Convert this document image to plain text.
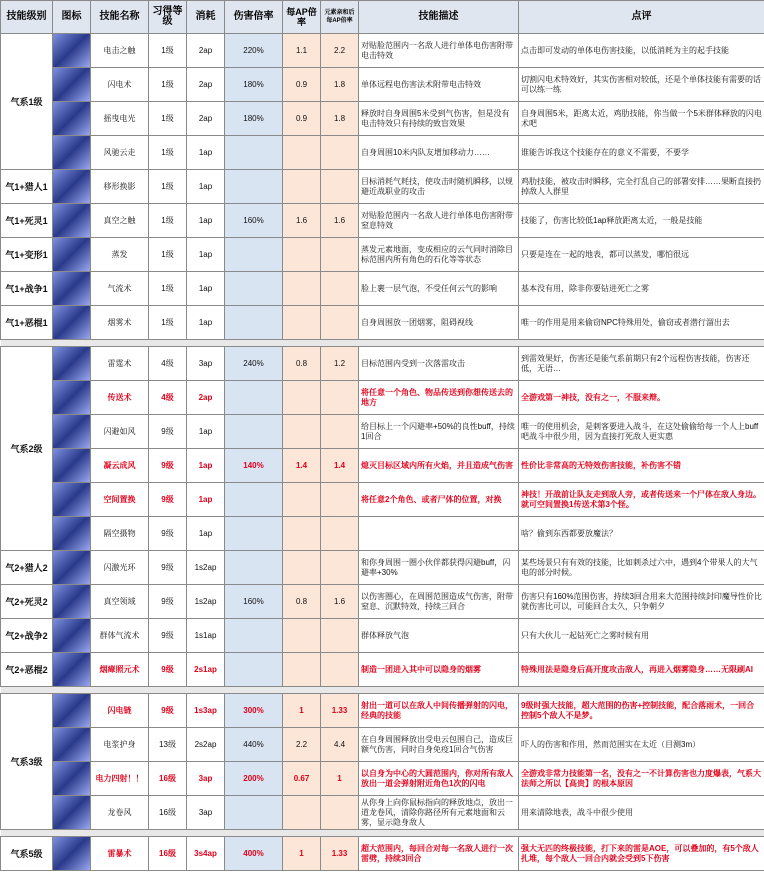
技能级别	图标	技能名称	习得等级	消耗	伤害倍率	每AP倍率	元素亲和后每AP倍率	技能描述	点评
气系1级		电击之触	1级	2ap	220%	1.1	2.2	对贴脸范围内一名敌人进行单体电伤害附带电击特效	点击即可发动的单体电伤害技能，以低消耗为主的起手技能

		闪电术	1级	2ap	180%	0.9	1.8	单体远程电伤害法术附带电击特效	切割闪电术特效好，其实伤害相对较低，还是个单体技能有需要的话可以练一练

		摇曳电光	1级	2ap	180%	0.9	1.8	释放时自身周围5米受到气伤害，但是没有电击特效只有持续的致盲效果	自身周围5米，距离太近，鸡肋技能，你当做一个5米群体释放的闪电术吧

		风驰云走	1级	1ap				自身周围10米内队友增加移动力……	谁能告诉我这个技能存在的意义不需要，不要学
气1+猎人1		移形换影	1级	1ap				目标消耗气耗技，使攻击时随机瞬移，以规避近战职业的攻击	鸡肋技能，被攻击时瞬移，完全打乱自己的部署安排……果断直接扔掉敌人人群里
气1+死灵1		真空之触	1级	1ap	160%	1.6	1.6	对贴脸范围内一名敌人进行单体电伤害附带窒息特效	技能了，伤害比较低1ap释放距离太近，一般是技能
气1+变形1		蒸发	1级	1ap				蒸发元素地面，变成相应的云气同时消除目标范围内所有角色的石化等等状态	只要是连在一起的地表，都可以蒸发，哪怕很远
气1+战争1		气流术	1级	1ap				脸上裹一层气泡，不受任何云气的影响	基本没有用，除非你要钻进死亡之雾
气1+恶棍1		烟雾术	1级	1ap				自身周围放一团烟雾，阻碍视线	唯一的作用是用来偷窃NPC特殊用处，偷窃或者潜行溜出去

气系2级		雷霆术	4级	3ap	240%	0.8	1.2	目标范围内受到一次落雷攻击	到雷效果好，伤害还是能气系前期只有2个远程伤害技能，伤害还低，无语…

		传送术	4级	2ap				将任意一个角色、物品传送到你想传送去的地方	全游戏第一神技，没有之一，不服来辩。

		闪避如风	9级	1ap				给目标上一个闪避率+50%的良性buff，持续1回合	唯一的使用机会，是刺客要进入战斗，在这处偷偷给每一个人上buff吧战斗中很少用，因为直接打死敌人更实惠

		凝云成风	9级	1ap	140%	1.4	1.4	熄灭目标区域内所有火焰，并且造成气伤害	性价比非常高的无特效伤害技能，补伤害不错

		空间置换	9级	1ap				将任意2个角色、或者尸体的位置，对换	神技！开战前让队友走到敌人旁，或者传送来一个尸体在敌人身边。就可空间置换1传送术第3个怪。

		隔空摄物	9级	1ap					啥？偷到东西都要放魔法？
气2+猎人2		闪激光环	9级	1s2ap				和你身周围一圈小伙伴都获得闪避buff，闪避率+30%	某些场景只有有效的技能，比如刺杀过六中，遇到4个带果人的大气电的部分时候。
气2+死灵2		真空领域	9级	1s2ap	160%	0.8	1.6	以伤害圈心，在周围范围造成气伤害，附带窒息、沉默特效，持续三回合	伤害只有160%范围伤害，持续3回合用来大范围持续封印魔导性价比就伤害比可以，可能回合太久，只争朝夕
气2+战争2		群体气流术	9级	1s1ap				群体释放气泡	只有大伙儿一起钻死亡之雾时候有用
气2+恶棍2		烟瘴照元术	9级	2s1ap				制造一团进入其中可以隐身的烟雾	特殊用法是隐身后高开度攻击敌人，再进入烟雾隐身……无限刷AI

气系3级		闪电链	9级	1s3ap	300%	1	1.33	射出一道可以在敌人中间传播弹射的闪电，经典的技能	9级时强大技能，超大范围的伤害+控制技能，配合落雨术，一回合控制5个敌人不是梦。

		电浆护身	13级	2s2ap	440%	2.2	4.4	在自身周围释放出受电云包围自己，造成巨额气伤害，同时自身免疫1回合气伤害	吓人的伤害和作用，然而范围实在太近（目测3m）

		电力四射！！	16级	3ap	200%	0.67	1	以自身为中心的大圆范围内，你对所有敌人放出一道会弹射附近角色1次的闪电	全游戏非常力技能第一名，没有之一不计算伤害也力度爆表，气系大法师之所以【高贵】的根本原因

		龙卷风	16级	3ap				从你身上向你鼠标指向的释放地点，放出一道龙卷风，清除你路径所有元素地面和云雾，显示隐身敌人	用来清除地表，战斗中很少使用

气系5级		雷暴术	16级	3s4ap	400%	1	1.33	超大范围内，每回合对每一名敌人进行一次雷劈，持续3回合	强大无匹的终极技能，打下来的雷是AOE，可以叠加的，有5个敌人扎堆，每个敌人一回合内就会受到5下伤害
